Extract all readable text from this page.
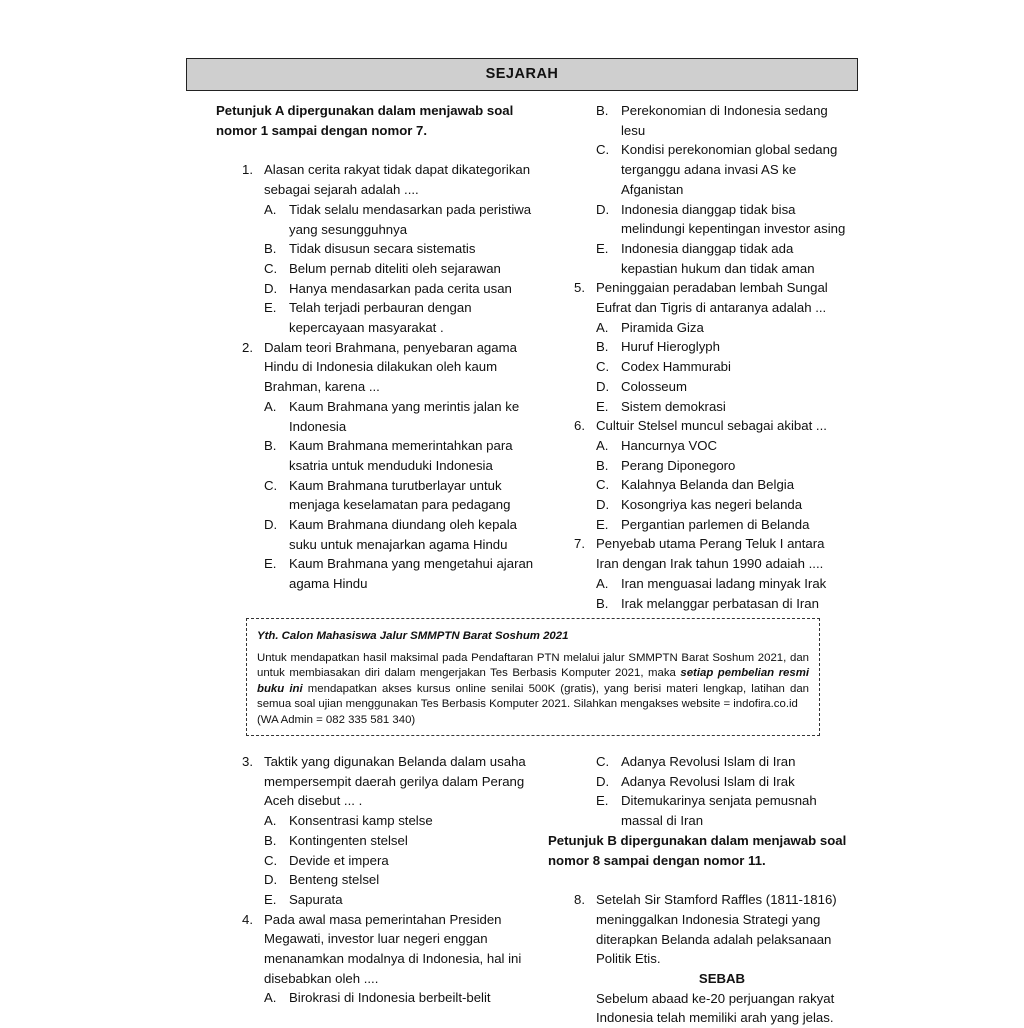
SEJARAH
Petunjuk A dipergunakan dalam menjawab soal nomor 1 sampai dengan nomor 7.
1. Alasan cerita rakyat tidak dapat dikategorikan sebagai sejarah adalah ....
A. Tidak selalu mendasarkan pada peristiwa yang sesungguhnya
B. Tidak disusun secara sistematis
C. Belum pernab diteliti oleh sejarawan
D. Hanya mendasarkan pada cerita usan
E. Telah terjadi perbauran dengan kepercayaan masyarakat .
2. Dalam teori Brahmana, penyebaran agama Hindu di Indonesia dilakukan oleh kaum Brahman, karena ...
A. Kaum Brahmana yang merintis jalan ke Indonesia
B. Kaum Brahmana memerintahkan para ksatria untuk menduduki Indonesia
C. Kaum Brahmana turutberlayar untuk menjaga keselamatan para pedagang
D. Kaum Brahmana diundang oleh kepala suku untuk menajarkan agama Hindu
E. Kaum Brahmana yang mengetahui ajaran agama Hindu
B. Perekonomian di Indonesia sedang lesu
C. Kondisi perekonomian global sedang terganggu adana invasi AS ke Afganistan
D. Indonesia dianggap tidak bisa melindungi kepentingan investor asing
E. Indonesia dianggap tidak ada kepastian hukum dan tidak aman
5. Peninggaian peradaban lembah Sungal Eufrat dan Tigris di antaranya adalah ...
A. Piramida Giza
B. Huruf Hieroglyph
C. Codex Hammurabi
D. Colosseum
E. Sistem demokrasi
6. Cultuir Stelsel muncul sebagai akibat ...
A. Hancurnya VOC
B. Perang Diponegoro
C. Kalahnya Belanda dan Belgia
D. Kosongriya kas negeri belanda
E. Pergantian parlemen di Belanda
7. Penyebab utama Perang Teluk I antara Iran dengan Irak tahun 1990 adaiah ....
A. Iran menguasai ladang minyak Irak
B. Irak melanggar perbatasan di Iran
Yth. Calon Mahasiswa Jalur SMMPTN Barat Soshum 2021
Untuk mendapatkan hasil maksimal pada Pendaftaran PTN melalui jalur SMMPTN Barat Soshum 2021, dan untuk membiasakan diri dalam mengerjakan Tes Berbasis Komputer 2021, maka setiap pembelian resmi buku ini mendapatkan akses kursus online senilai 500K (gratis), yang berisi materi lengkap, latihan dan semua soal ujian menggunakan Tes Berbasis Komputer 2021. Silahkan mengakses website = indofira.co.id
(WA Admin = 082 335 581 340)
3. Taktik yang digunakan Belanda dalam usaha mempersempit daerah gerilya dalam Perang Aceh disebut ... .
A. Konsentrasi kamp stelse
B. Kontingenten stelsel
C. Devide et impera
D. Benteng stelsel
E. Sapurata
4. Pada awal masa pemerintahan Presiden Megawati, investor luar negeri enggan menanamkan modalnya di Indonesia, hal ini disebabkan oleh ....
A. Birokrasi di Indonesia berbeilt-belit
C. Adanya Revolusi Islam di Iran
D. Adanya Revolusi Islam di Irak
E. Ditemukarinya senjata pemusnah massal di Iran
Petunjuk B dipergunakan dalam menjawab soal nomor 8 sampai dengan nomor 11.
8. Setelah Sir Stamford Raffles (1811-1816) meninggalkan Indonesia Strategi yang diterapkan Belanda adalah pelaksanaan Politik Etis.
SEBAB
Sebelum abaad ke-20 perjuangan rakyat Indonesia telah memiliki arah yang jelas.
